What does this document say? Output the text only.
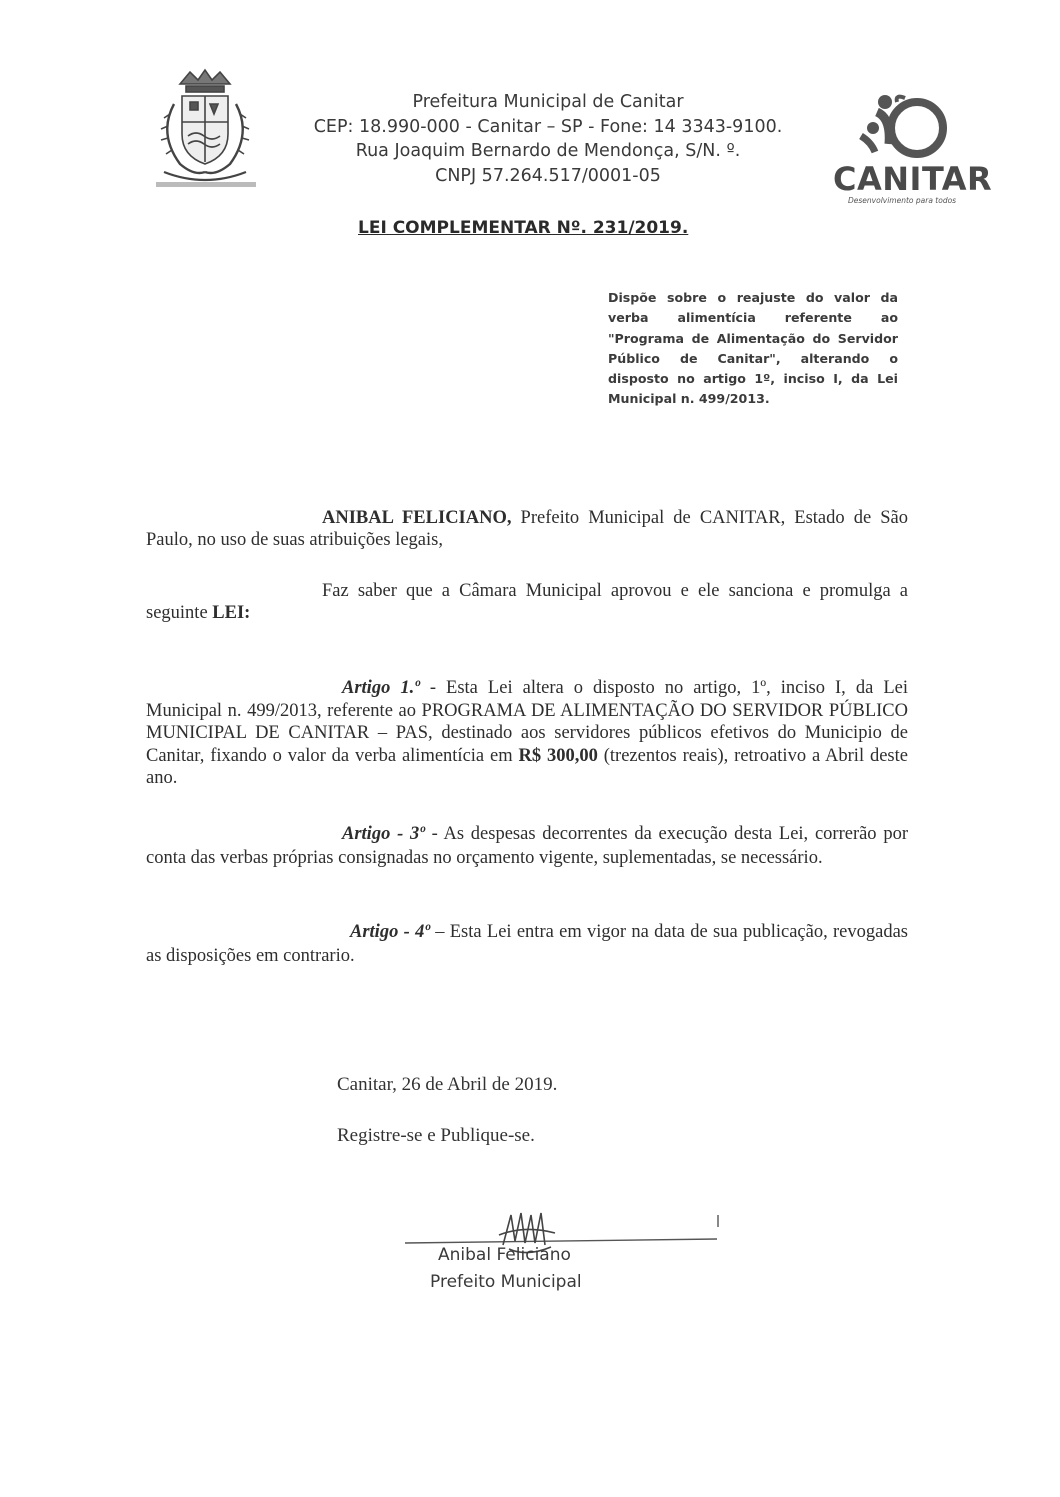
Prefeitura Municipal de Canitar
CEP: 18.990-000 - Canitar – SP - Fone: 14 3343-9100.
Rua Joaquim Bernardo de Mendonça, S/N. º.
CNPJ 57.264.517/0001-05	CANITAR
Desenvolvimento para todos
LEI COMPLEMENTAR Nº. 231/2019.
Dispõe sobre o reajuste do valor da verba alimentícia referente ao "Programa de Alimentação do Servidor Público de Canitar", alterando o disposto no artigo 1º, inciso I, da Lei Municipal n. 499/2013.
ANIBAL FELICIANO, Prefeito Municipal de CANITAR, Estado de São Paulo, no uso de suas atribuições legais,
Faz saber que a Câmara Municipal aprovou e ele sanciona e promulga a seguinte LEI:
Artigo 1.º - Esta Lei altera o disposto no artigo, 1º, inciso I, da Lei Municipal n. 499/2013, referente ao PROGRAMA DE ALIMENTAÇÃO DO SERVIDOR PÚBLICO MUNICIPAL DE CANITAR – PAS, destinado aos servidores públicos efetivos do Municipio de Canitar, fixando o valor da verba alimentícia em R$ 300,00 (trezentos reais), retroativo a Abril deste ano.
Artigo - 3º - As despesas decorrentes da execução desta Lei, correrão por conta das verbas próprias consignadas no orçamento vigente, suplementadas, se necessário.
Artigo - 4º – Esta Lei entra em vigor na data de sua publicação, revogadas as disposições em contrario.
Canitar, 26 de Abril de 2019.
Registre-se e Publique-se.
Anibal Feliciano
Prefeito Municipal
